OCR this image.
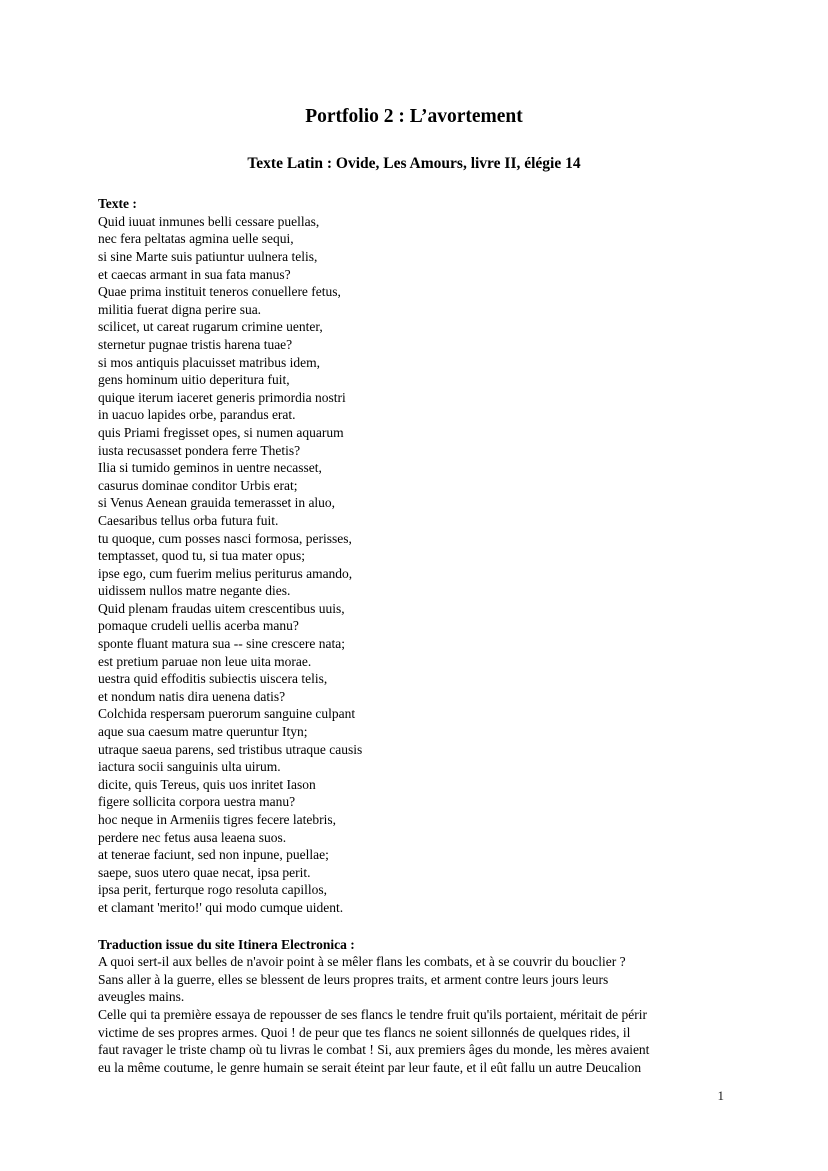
Portfolio 2 : L’avortement
Texte Latin : Ovide, Les Amours, livre II, élégie 14
Texte :
Quid iuuat inmunes belli cessare puellas,
nec fera peltatas agmina uelle sequi,
si sine Marte suis patiuntur uulnera telis,
et caecas armant in sua fata manus?
Quae prima instituit teneros conuellere fetus,
militia fuerat digna perire sua.
scilicet, ut careat rugarum crimine uenter,
sternetur pugnae tristis harena tuae?
si mos antiquis placuisset matribus idem,
gens hominum uitio deperitura fuit,
quique iterum iaceret generis primordia nostri
in uacuo lapides orbe, parandus erat.
quis Priami fregisset opes, si numen aquarum
iusta recusasset pondera ferre Thetis?
Ilia si tumido geminos in uentre necasset,
casurus dominae conditor Urbis erat;
si Venus Aenean grauida temerasset in aluo,
Caesaribus tellus orba futura fuit.
tu quoque, cum posses nasci formosa, perisses,
temptasset, quod tu, si tua mater opus;
ipse ego, cum fuerim melius periturus amando,
uidissem nullos matre negante dies.
Quid plenam fraudas uitem crescentibus uuis,
pomaque crudeli uellis acerba manu?
sponte fluant matura sua -- sine crescere nata;
est pretium paruae non leue uita morae.
uestra quid effoditis subiectis uiscera telis,
et nondum natis dira uenena datis?
Colchida respersam puerorum sanguine culpant
aque sua caesum matre queruntur Ityn;
utraque saeua parens, sed tristibus utraque causis
iactura socii sanguinis ulta uirum.
dicite, quis Tereus, quis uos inritet Iason
figere sollicita corpora uestra manu?
hoc neque in Armeniis tigres fecere latebris,
perdere nec fetus ausa leaena suos.
at tenerae faciunt, sed non inpune, puellae;
saepe, suos utero quae necat, ipsa perit.
ipsa perit, ferturque rogo resoluta capillos,
et clamant 'merito!' qui modo cumque uident.
Traduction issue du site Itinera Electronica :
A quoi sert-il aux belles de n'avoir point à se mêler flans les combats, et à se couvrir du bouclier ?
Sans aller à la guerre, elles se blessent de leurs propres traits, et arment contre leurs jours leurs
aveugles mains.
Celle qui ta première essaya de repousser de ses flancs le tendre fruit qu'ils portaient, méritait de périr
victime de ses propres armes. Quoi ! de peur que tes flancs ne soient sillonnés de quelques rides, il
faut ravager le triste champ où tu livras le combat ! Si, aux premiers âges du monde, les mères avaient
eu la même coutume, le genre humain se serait éteint par leur faute, et il eût fallu un autre Deucalion
1
